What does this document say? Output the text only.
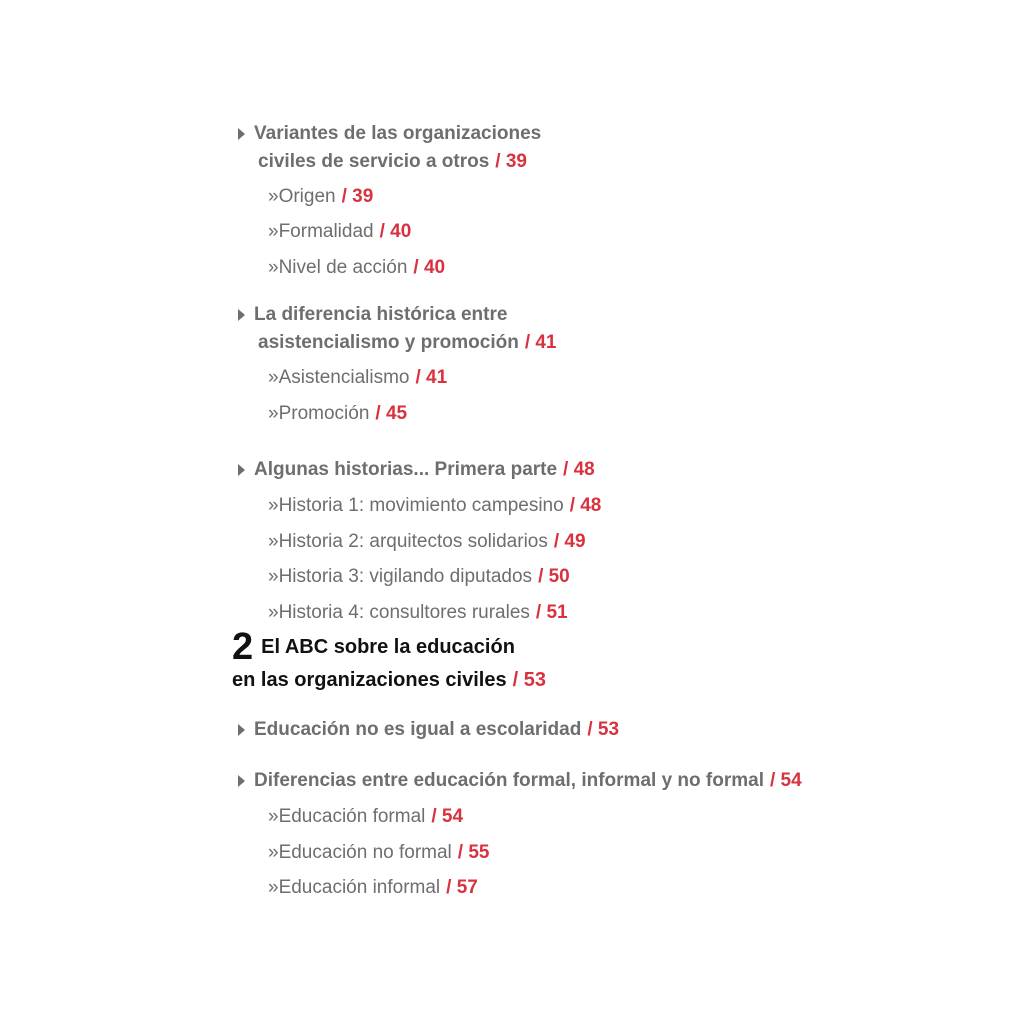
Variantes de las organizaciones
civiles de servicio a otros / 39
»Origen / 39
»Formalidad / 40
»Nivel de acción / 40
La diferencia histórica entre
asistencialismo y promoción / 41
»Asistencialismo / 41
»Promoción / 45
Algunas historias... Primera parte / 48
»Historia 1: movimiento campesino / 48
»Historia 2: arquitectos solidarios / 49
»Historia 3: vigilando diputados / 50
»Historia 4: consultores rurales / 51
2 El ABC sobre la educación
en las organizaciones civiles / 53
Educación no es igual a escolaridad / 53
Diferencias entre educación formal, informal y no formal / 54
»Educación formal / 54
»Educación no formal / 55
»Educación informal / 57
